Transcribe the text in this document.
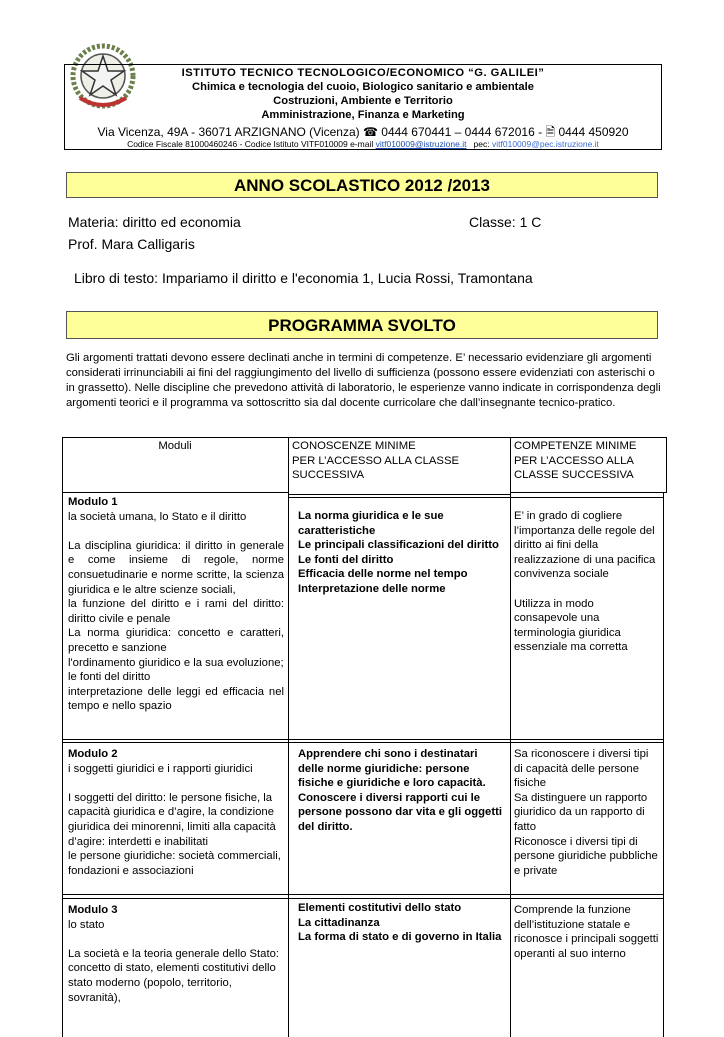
ISTITUTO TECNICO TECNOLOGICO/ECONOMICO “G. GALILEI”
Chimica e tecnologia del cuoio, Biologico sanitario e ambientale
Costruzioni, Ambiente e Territorio
Amministrazione, Finanza e Marketing
Via Vicenza, 49A - 36071 ARZIGNANO (Vicenza) ☎ 0444 670441 – 0444 672016 - 🗎 0444 450920
Codice Fiscale 81000460246 - Codice Istituto VITF010009 e-mail vitf010009@istruzione.it pec: vitf010009@pec.istruzione.it
ANNO SCOLASTICO 2012 /2013
Materia: diritto ed economia	Classe: 1 C
Prof. Mara Calligaris
Libro di testo: Impariamo il diritto e l'economia 1, Lucia Rossi, Tramontana
PROGRAMMA SVOLTO
Gli argomenti trattati devono essere declinati anche in termini di competenze. E’ necessario evidenziare gli argomenti considerati irrinunciabili ai fini del raggiungimento del livello di sufficienza (possono essere evidenziati con asterischi o in grassetto). Nelle discipline che prevedono attività di laboratorio, le esperienze vanno indicate in corrispondenza degli argomenti teorici e il programma va sottoscritto sia dal docente curricolare che dall’insegnante tecnico-pratico.
Moduli	CONOSCENZE MINIME
PER L’ACCESSO ALLA CLASSE SUCCESSIVA
COMPETENZE MINIME
PER L’ACCESSO ALLA CLASSE SUCCESSIVA
Modulo 1
la società umana, lo Stato e il diritto
La disciplina giuridica: il diritto in generale e come insieme di regole, norme consuetudinarie e norme scritte, la scienza giuridica e le altre scienze sociali,
la funzione del diritto e i rami del diritto: diritto civile e penale
La norma giuridica: concetto e caratteri, precetto e sanzione
l'ordinamento giuridico e la sua evoluzione;
le fonti del diritto
interpretazione delle leggi ed efficacia nel tempo e nello spazio
La norma giuridica e le sue caratteristiche
Le principali classificazioni del diritto
Le fonti del diritto
Efficacia delle norme nel tempo
Interpretazione delle norme
E’ in grado di cogliere l’importanza delle regole del diritto ai fini della realizzazione di una pacifica convivenza sociale

Utilizza in modo consapevole una terminologia giuridica essenziale ma corretta
Modulo 2
i soggetti giuridici e i rapporti giuridici
I soggetti del diritto: le persone fisiche, la capacità giuridica e d’agire, la condizione giuridica dei minorenni, limiti alla capacità d’agire: interdetti e inabilitati
le persone giuridiche: società commerciali, fondazioni e associazioni
Apprendere chi sono i destinatari delle norme giuridiche: persone fisiche e giuridiche e loro capacità.
Conoscere i diversi rapporti cui le persone possono dar vita e gli oggetti del diritto.
Sa riconoscere i diversi tipi di capacità delle persone fisiche
Sa distinguere un rapporto giuridico da un rapporto di fatto
Riconosce i diversi tipi di persone giuridiche pubbliche e private
Modulo 3
lo stato
La società e la teoria generale dello Stato: concetto di stato, elementi costitutivi dello stato moderno (popolo, territorio, sovranità),
Elementi costitutivi dello stato
La cittadinanza
La forma di stato e di governo in Italia
Comprende la funzione dell’istituzione statale e riconosce i principali soggetti operanti al suo interno
